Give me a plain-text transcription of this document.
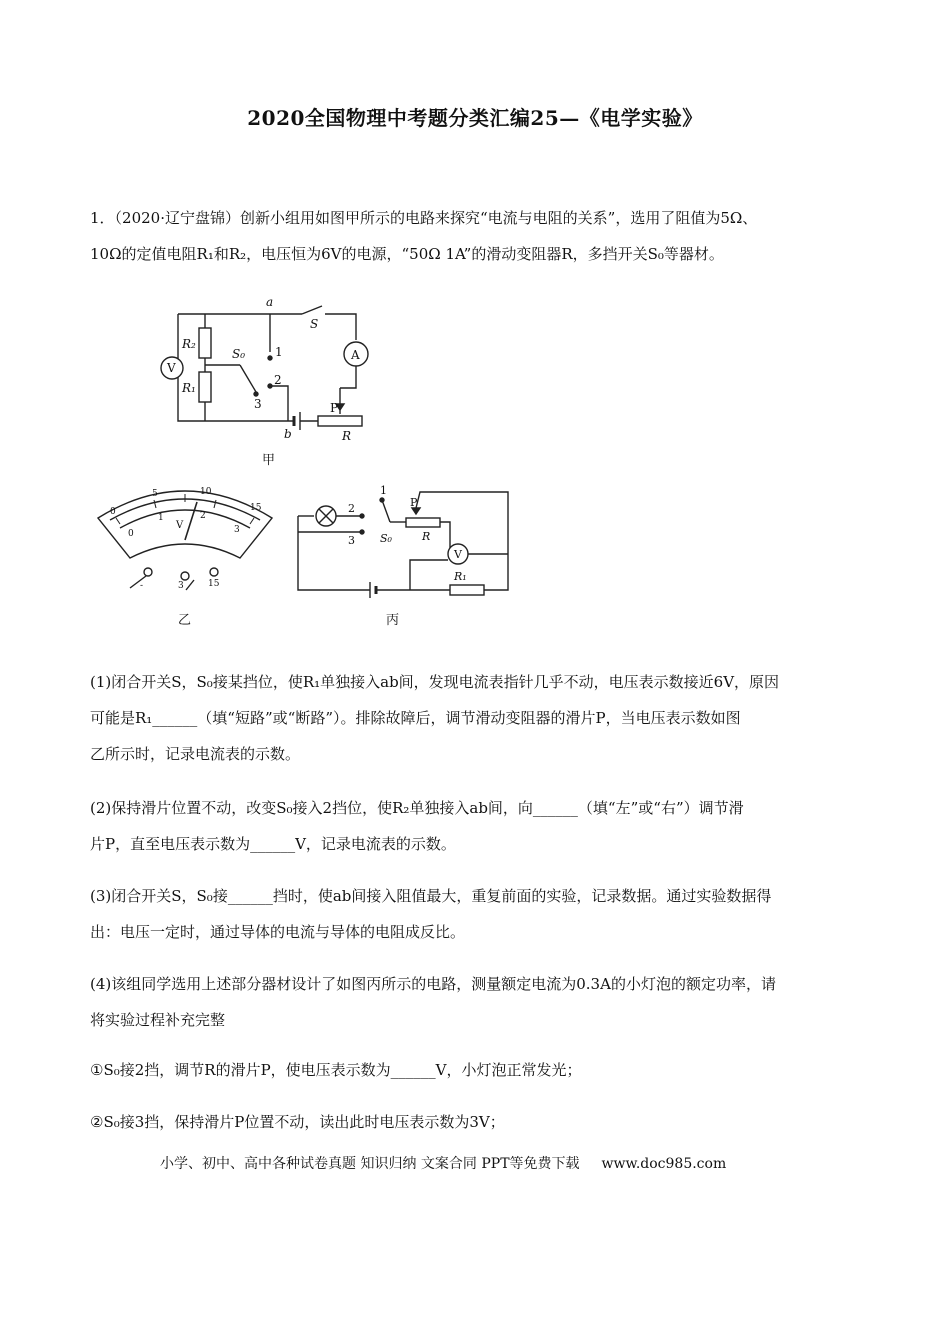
2020全国物理中考题分类汇编25—《电学实验》
1．（2020·辽宁盘锦）创新小组用如图甲所示的电路来探究“电流与电阻的关系”，选用了阻值为5Ω、
10Ω的定值电阻R₁和R₂，电压恒为6V的电源，“50Ω 1A”的滑动变阻器R，多挡开关S₀等器材。
a
b
S
S₀
R₂
R₁
V
A
P
R
1
2
3
甲
0
5	10
15
0
1	2
3
V
-	3	15
乙
1
2
3 S₀
P
R
V
R₁
丙
(1)闭合开关S，S₀接某挡位，使R₁单独接入ab间，发现电流表指针几乎不动，电压表示数接近6V，原因
可能是R₁______（填“短路”或“断路”）。排除故障后，调节滑动变阻器的滑片P，当电压表示数如图
乙所示时，记录电流表的示数。
(2)保持滑片位置不动，改变S₀接入2挡位，使R₂单独接入ab间，向______（填“左”或“右”）调节滑
片P，直至电压表示数为______V，记录电流表的示数。
(3)闭合开关S，S₀接______挡时，使ab间接入阻值最大，重复前面的实验，记录数据。通过实验数据得
出：电压一定时，通过导体的电流与导体的电阻成反比。
(4)该组同学选用上述部分器材设计了如图丙所示的电路，测量额定电流为0.3A的小灯泡的额定功率，请
将实验过程补充完整
①S₀接2挡，调节R的滑片P，使电压表示数为______V，小灯泡正常发光；
②S₀接3挡，保持滑片P位置不动，读出此时电压表示数为3V；
小学、初中、高中各种试卷真题 知识归纳 文案合同 PPT等免费下载 www.doc985.com
